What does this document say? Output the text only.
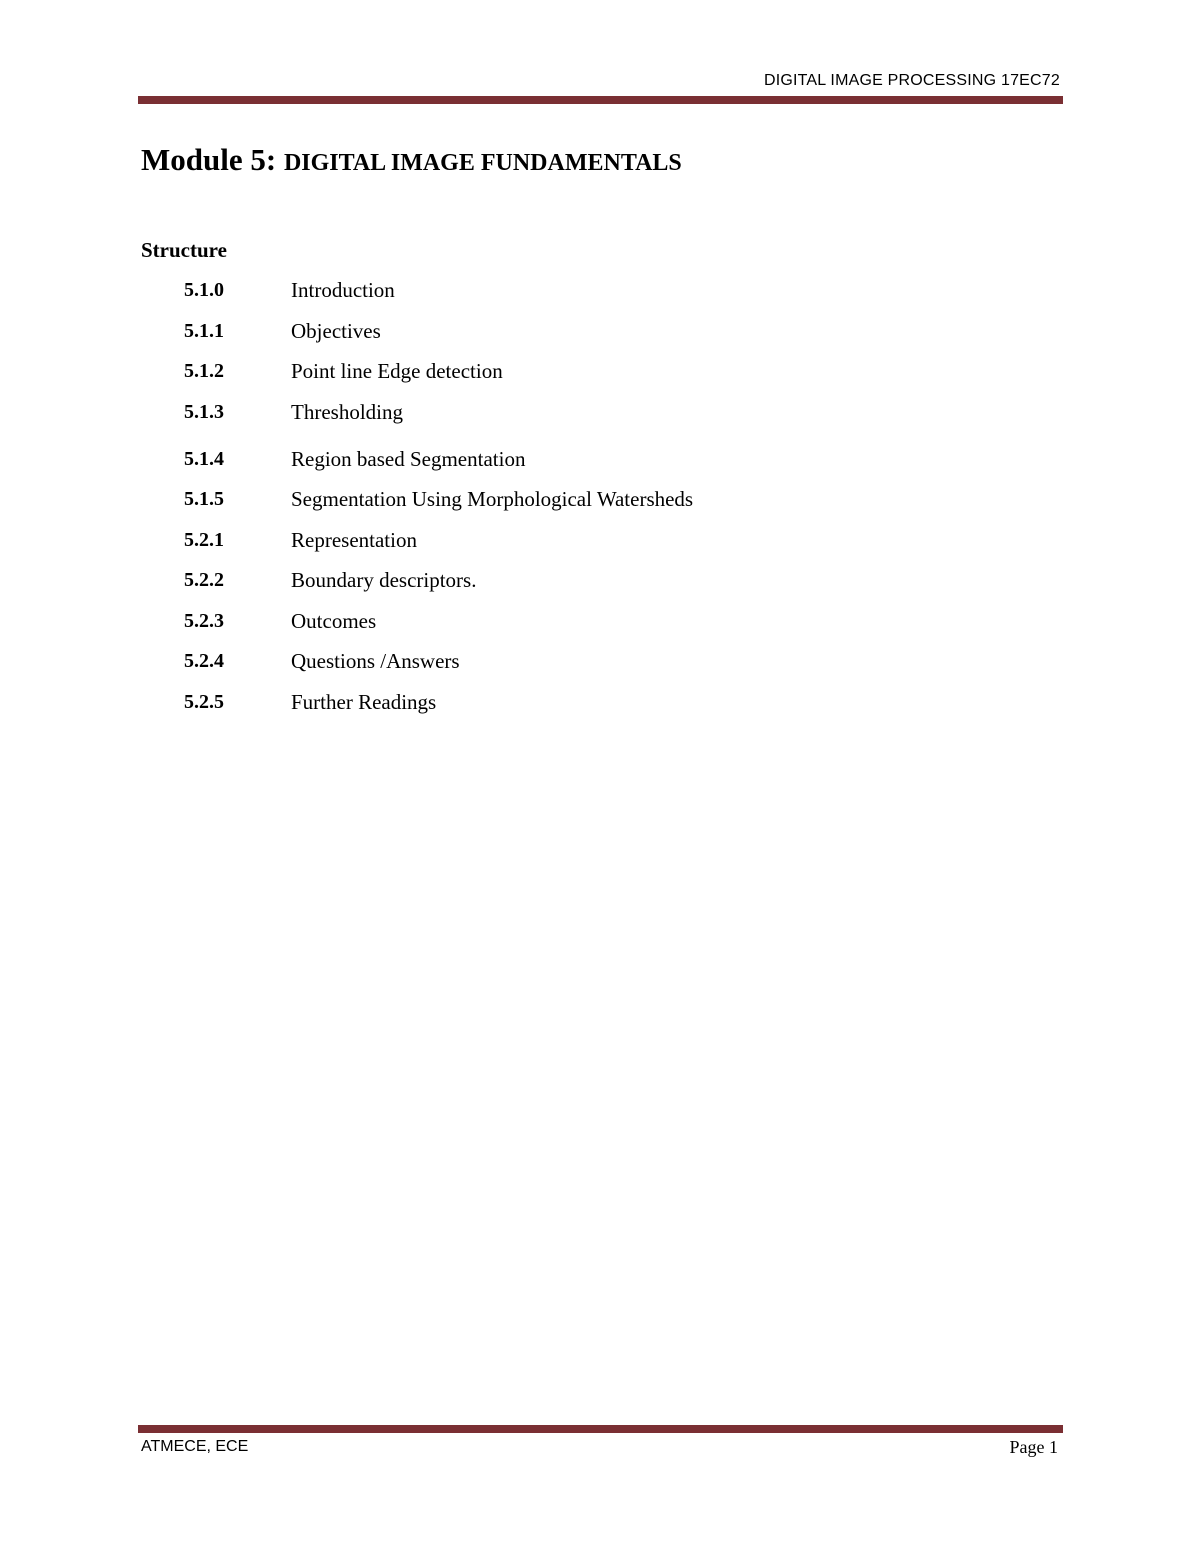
DIGITAL IMAGE PROCESSING 17EC72
Module 5: DIGITAL IMAGE FUNDAMENTALS
Structure
5.1.0	Introduction
5.1.1	Objectives
5.1.2	Point line Edge detection
5.1.3	Thresholding
5.1.4	Region based Segmentation
5.1.5	Segmentation Using Morphological Watersheds
5.2.1	Representation
5.2.2	Boundary descriptors.
5.2.3	Outcomes
5.2.4	Questions /Answers
5.2.5	Further Readings
ATMECE, ECE	Page 1
